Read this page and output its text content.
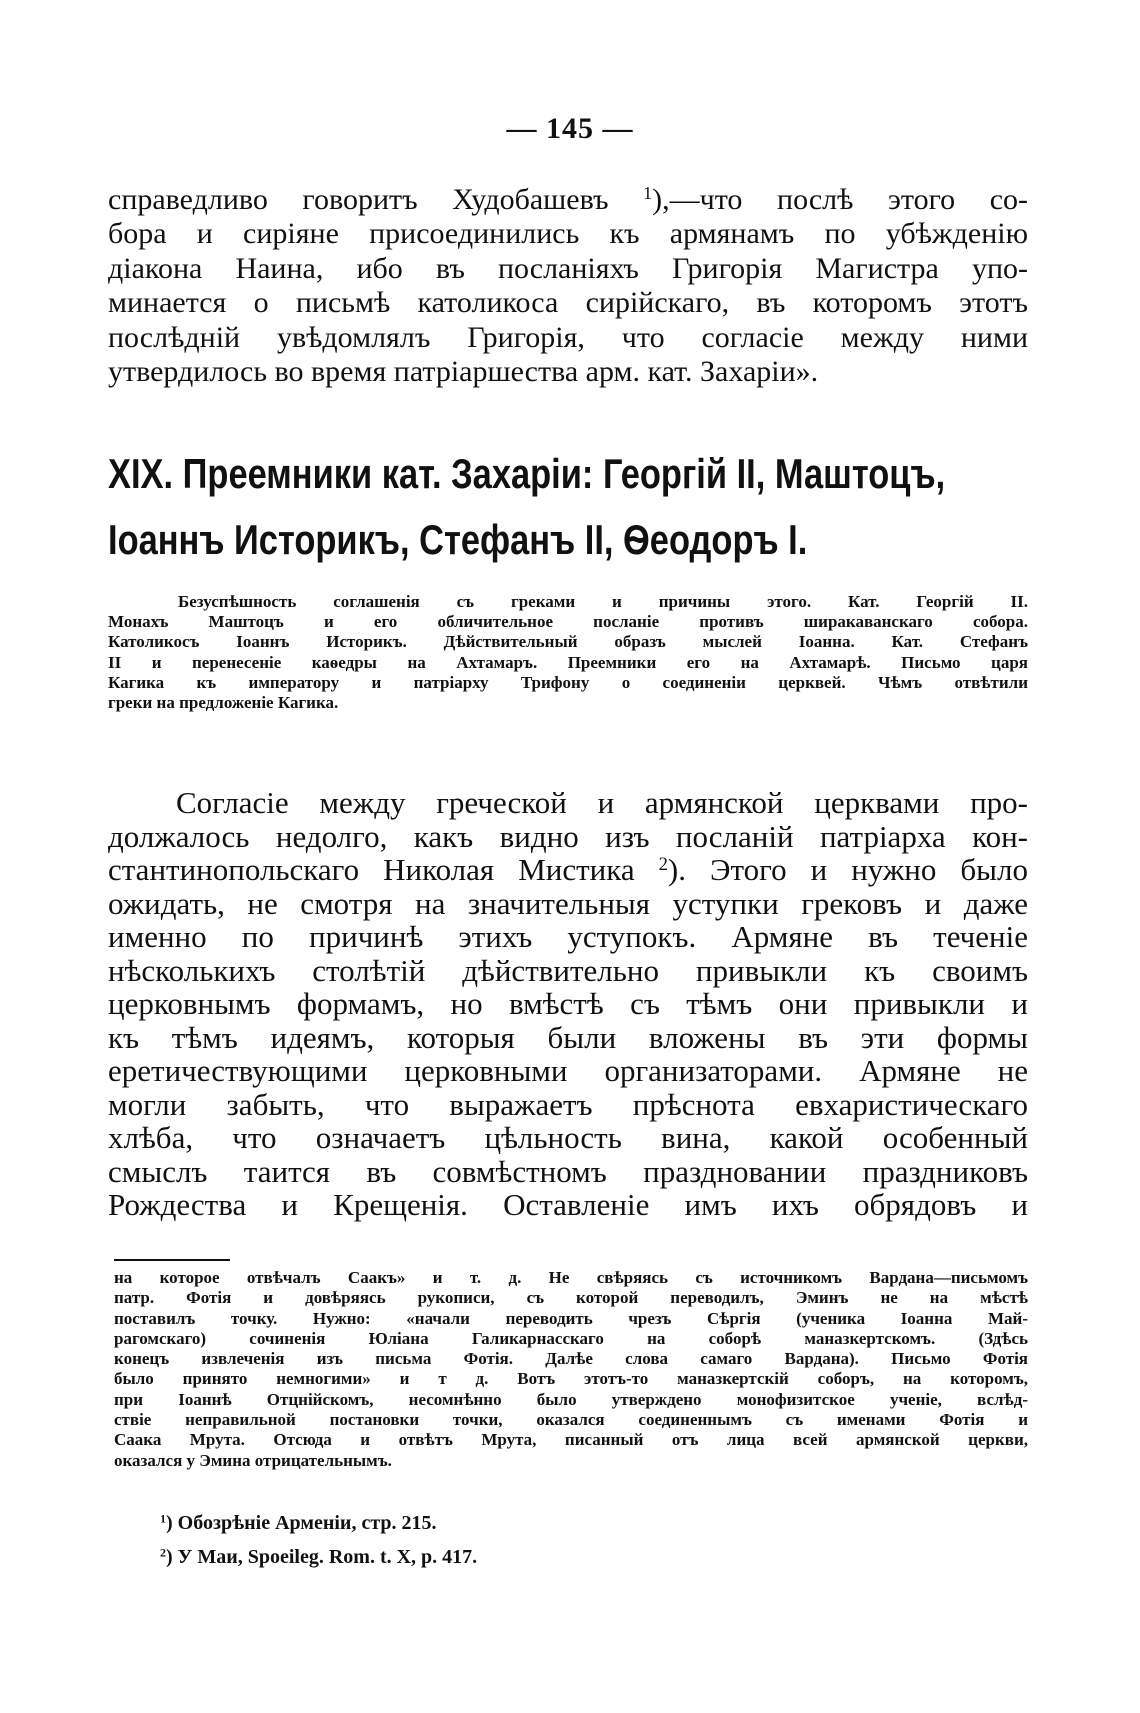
— 145 —
справедливо говоритъ Худобашевъ $^1$),—что послѣ этого со-
бора и сиріяне присоединились къ армянамъ по убѣжденію
діакона Наина, ибо въ посланіяхъ Григорія Магистра упо-
минается о письмѣ католикоса сирійскаго, въ которомъ этотъ
послѣдній увѣдомлялъ Григорія, что согласіе между ними
утвердилось во время патріаршества арм. кат. Захаріи».
XIX. Преемники кат. Захаріи: Георгій II, Маштоцъ,
Іоаннъ Историкъ, Стефанъ II, Ѳеодоръ I.
Безуспѣшность соглашенія съ греками и причины этого. Кат. Георгій II.
Монахъ Маштоцъ и его обличительное посланіе противъ ширакаванскаго собора.
Католикосъ Іоаннъ Историкъ. Дѣйствительный образъ мыслей Іоанна. Кат. Стефанъ
II и перенесеніе каѳедры на Ахтамаръ. Преемники его на Ахтамарѣ. Письмо царя
Кагика къ императору и патріарху Трифону о соединеніи церквей. Чѣмъ отвѣтили
греки на предложеніе Кагика.
Согласіе между греческой и армянской церквами про-
должалось недолго, какъ видно изъ посланій патріарха кон-
стантинопольскаго Николая Мистика $^2$). Этого и нужно было
ожидать, не смотря на значительныя уступки грековъ и даже
именно по причинѣ этихъ уступокъ. Армяне въ теченіе
нѣсколькихъ столѣтій дѣйствительно привыкли къ своимъ
церковнымъ формамъ, но вмѣстѣ съ тѣмъ они привыкли и
къ тѣмъ идеямъ, которыя были вложены въ эти формы
еретичествующими церковными организаторами. Армяне не
могли забыть, что выражаетъ прѣснота евхаристическаго
хлѣба, что означаетъ цѣльность вина, какой особенный
смыслъ таится въ совмѣстномъ праздновании праздниковъ
Рождества и Крещенія. Оставленіе имъ ихъ обрядовъ и
на которое отвѣчалъ Саакъ» и т. д. Не свѣряясь съ источникомъ Вардана—письмомъ
патр. Фотія и довѣряясь рукописи, съ которой переводилъ, Эминъ не на мѣстѣ
поставилъ точку. Нужно: «начали переводить чрезъ Сѣргія (ученика Іоанна Май-
рагомскаго) сочиненія Юліана Галикарнасскаго на соборѣ маназкертскомъ. (Здѣсь
конецъ извлеченія изъ письма Фотія. Далѣе слова самаго Вардана). Письмо Фотія
было принято немногими» и т д. Вотъ этотъ-то маназкертскій соборъ, на которомъ,
при Іоаннѣ Отцнійскомъ, несомнѣнно было утверждено монофизитское ученіе, вслѣд-
ствіе неправильной постановки точки, оказался соединеннымъ съ именами Фотія и
Саака Мрута. Отсюда и отвѣтъ Мрута, писанный отъ лица всей армянской церкви,
оказался у Эмина отрицательнымъ.
$^1$) Обозрѣніе Арменіи, стр. 215.
$^2$) У Маи, Spoeileg. Rom. t. X, p. 417.
